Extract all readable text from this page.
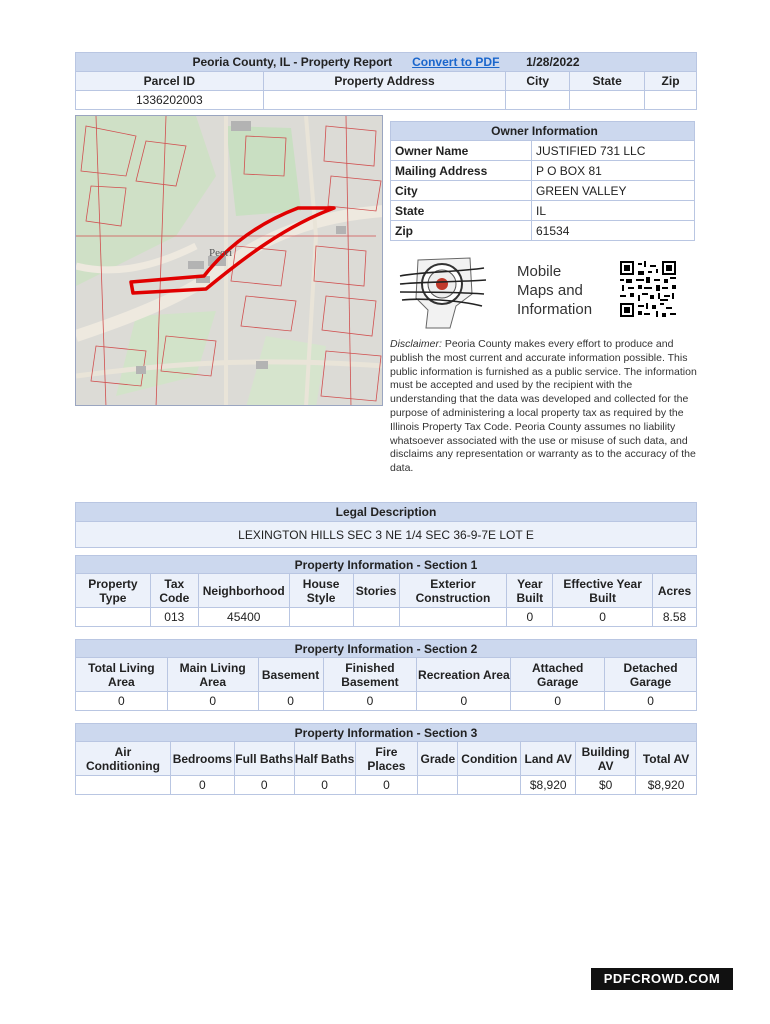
Peoria County, IL - Property Report Convert to PDF 1/28/2022				
Parcel ID	Property Address	City	State	Zip
1336202003				
Peori
Owner Information	
Owner Name	JUSTIFIED 731 LLC
Mailing Address	P O BOX 81
City	GREEN VALLEY
State	IL
Zip	61534
Mobile
Maps and
Information
Disclaimer: Peoria County makes every effort to produce and publish the most current and accurate information possible. This public information is furnished as a public service. The information must be accepted and used by the recipient with the understanding that the data was developed and collected for the purpose of administering a local property tax as required by the Illinois Property Tax Code. Peoria County assumes no liability whatsoever associated with the use or misuse of such data, and disclaims any representation or warranty as to the accuracy of the data.
Legal Description
LEXINGTON HILLS SEC 3 NE 1/4 SEC 36-9-7E LOT E
Property Information - Section 1								
Property Type	Tax Code	Neighborhood	House Style	Stories	Exterior Construction	Year Built	Effective Year Built	Acres
	013	45400				0	0	8.58
Property Information - Section 2						
Total Living Area	Main Living Area	Basement	Finished Basement	Recreation Area	Attached Garage	Detached Garage
0	0	0	0	0	0	0
Property Information - Section 3									
Air Conditioning	Bedrooms	Full Baths	Half Baths	Fire Places	Grade	Condition	Land AV	Building AV	Total AV
	0	0	0	0			$8,920	$0	$8,920
PDFCROWD.COM
